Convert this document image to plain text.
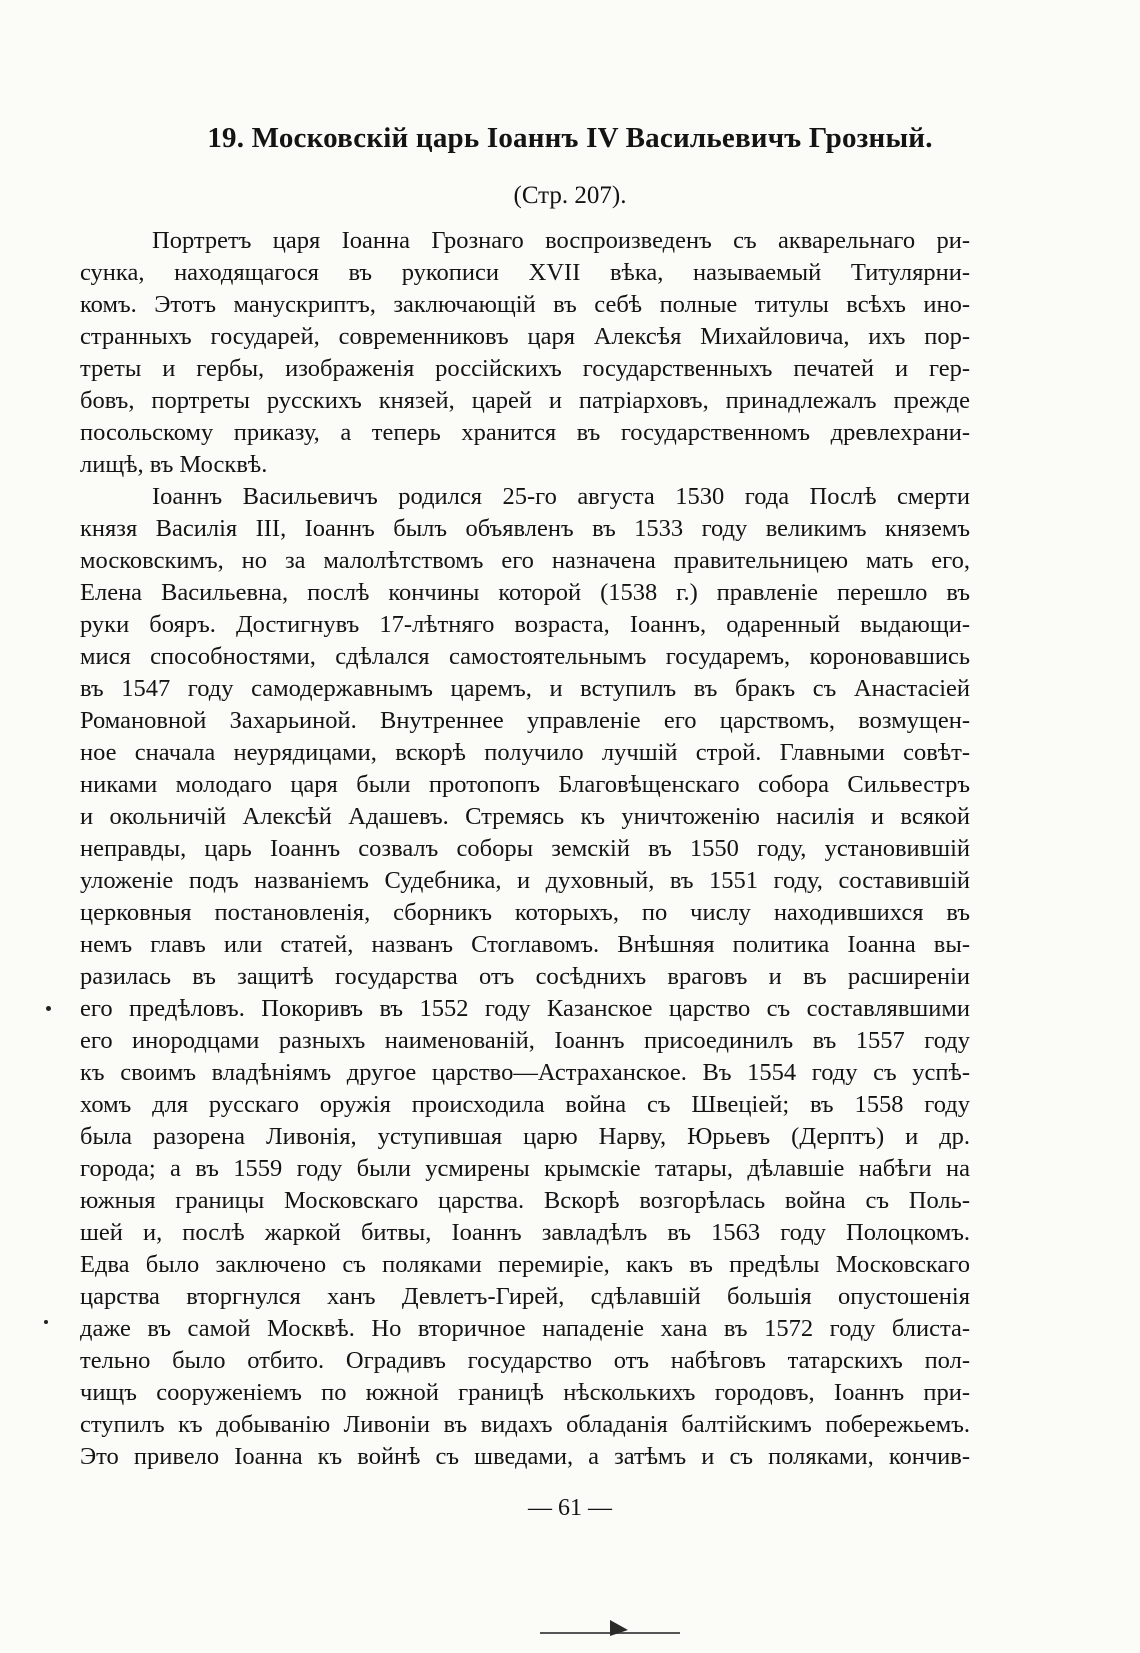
19. Московскій царь Іоаннъ IV Васильевичъ Грозный.
(Стр. 207).
Портретъ царя Іоанна Грознаго воспроизведенъ съ акварельнаго ри-
сунка, находящагося въ рукописи XVII вѣка, называемый Титулярни-
комъ. Этотъ манускриптъ, заключающій въ себѣ полные титулы всѣхъ ино-
странныхъ государей, современниковъ царя Алексѣя Михайловича, ихъ пор-
треты и гербы, изображенія россійскихъ государственныхъ печатей и гер-
бовъ, портреты русскихъ князей, царей и патріарховъ, принадлежалъ прежде
посольскому приказу, а теперь хранится въ государственномъ древлехрани-
лищѣ, въ Москвѣ.
Іоаннъ Васильевичъ родился 25-го августа 1530 года Послѣ смерти
князя Василія III, Іоаннъ былъ объявленъ въ 1533 году великимъ княземъ
московскимъ, но за малолѣтствомъ его назначена правительницею мать его,
Елена Васильевна, послѣ кончины которой (1538 г.) правленіе перешло въ
руки бояръ. Достигнувъ 17-лѣтняго возраста, Іоаннъ, одаренный выдающи-
мися способностями, сдѣлался самостоятельнымъ государемъ, короновавшись
въ 1547 году самодержавнымъ царемъ, и вступилъ въ бракъ съ Анастасіей
Романовной Захарьиной. Внутреннее управленіе его царствомъ, возмущен-
ное сначала неурядицами, вскорѣ получило лучшій строй. Главными совѣт-
никами молодаго царя были протопопъ Благовѣщенскаго собора Сильвестръ
и окольничій Алексѣй Адашевъ. Стремясь къ уничтоженію насилія и всякой
неправды, царь Іоаннъ созвалъ соборы земскій въ 1550 году, установившій
уложеніе подъ названіемъ Судебника, и духовный, въ 1551 году, составившій
церковныя постановленія, сборникъ которыхъ, по числу находившихся въ
немъ главъ или статей, названъ Стоглавомъ. Внѣшняя политика Іоанна вы-
разилась въ защитѣ государства отъ сосѣднихъ враговъ и въ расширеніи
его предѣловъ. Покоривъ въ 1552 году Казанское царство съ составлявшими
его инородцами разныхъ наименованій, Іоаннъ присоединилъ въ 1557 году
къ своимъ владѣніямъ другое царство—Астраханское. Въ 1554 году съ успѣ-
хомъ для русскаго оружія происходила война съ Швеціей; въ 1558 году
была разорена Ливонія, уступившая царю Нарву, Юрьевъ (Дерптъ) и др.
города; а въ 1559 году были усмирены крымскіе татары, дѣлавшіе набѣги на
южныя границы Московскаго царства. Вскорѣ возгорѣлась война съ Поль-
шей и, послѣ жаркой битвы, Іоаннъ завладѣлъ въ 1563 году Полоцкомъ.
Едва было заключено съ поляками перемиріе, какъ въ предѣлы Московскаго
царства вторгнулся ханъ Девлетъ-Гирей, сдѣлавшій большія опустошенія
даже въ самой Москвѣ. Но вторичное нападеніе хана въ 1572 году блиста-
тельно было отбито. Оградивъ государство отъ набѣговъ татарскихъ пол-
чищъ сооруженіемъ по южной границѣ нѣсколькихъ городовъ, Іоаннъ при-
ступилъ къ добыванію Ливоніи въ видахъ обладанія балтійскимъ побережьемъ.
Это привело Іоанна къ войнѣ съ шведами, а затѣмъ и съ поляками, кончив-
— 61 —
